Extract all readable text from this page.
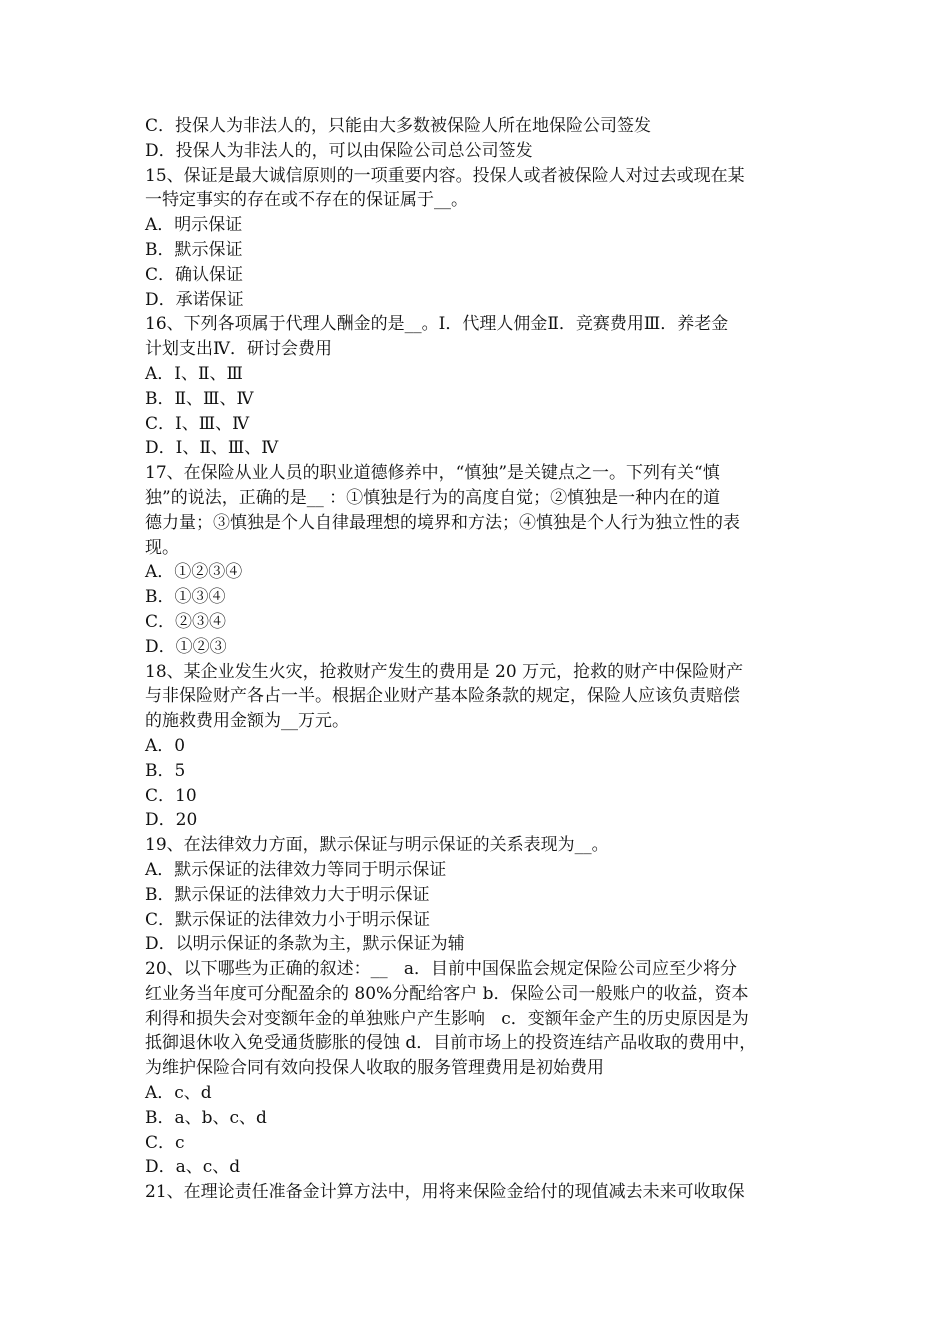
C．投保人为非法人的，只能由大多数被保险人所在地保险公司签发
D．投保人为非法人的，可以由保险公司总公司签发
15、保证是最大诚信原则的一项重要内容。投保人或者被保险人对过去或现在某
一特定事实的存在或不存在的保证属于__。
A．明示保证
B．默示保证
C．确认保证
D．承诺保证
16、下列各项属于代理人酬金的是__。Ⅰ．代理人佣金Ⅱ．竞赛费用Ⅲ．养老金
计划支出Ⅳ．研讨会费用
A．Ⅰ、Ⅱ、Ⅲ
B．Ⅱ、Ⅲ、Ⅳ
C．Ⅰ、Ⅲ、Ⅳ
D．Ⅰ、Ⅱ、Ⅲ、Ⅳ
17、在保险从业人员的职业道德修养中，“慎独”是关键点之一。下列有关“慎
独”的说法，正确的是__ ：①慎独是行为的高度自觉；②慎独是一种内在的道
德力量；③慎独是个人自律最理想的境界和方法；④慎独是个人行为独立性的表
现。
A．①②③④
B．①③④
C．②③④
D．①②③
18、某企业发生火灾，抢救财产发生的费用是 20 万元，抢救的财产中保险财产
与非保险财产各占一半。根据企业财产基本险条款的规定，保险人应该负责赔偿
的施救费用金额为__万元。
A．0
B．5
C．10
D．20
19、在法律效力方面，默示保证与明示保证的关系表现为__。
A．默示保证的法律效力等同于明示保证
B．默示保证的法律效力大于明示保证
C．默示保证的法律效力小于明示保证
D．以明示保证的条款为主，默示保证为辅
20、以下哪些为正确的叙述：__   a．目前中国保监会规定保险公司应至少将分
红业务当年度可分配盈余的 80%分配给客户 b．保险公司一般账户的收益，资本
利得和损失会对变额年金的单独账户产生影响   c．变额年金产生的历史原因是为
抵御退休收入免受通货膨胀的侵蚀 d．目前市场上的投资连结产品收取的费用中，
为维护保险合同有效向投保人收取的服务管理费用是初始费用
A．c、d
B．a、b、c、d
C．c
D．a、c、d
21、在理论责任准备金计算方法中，用将来保险金给付的现值减去未来可收取保
